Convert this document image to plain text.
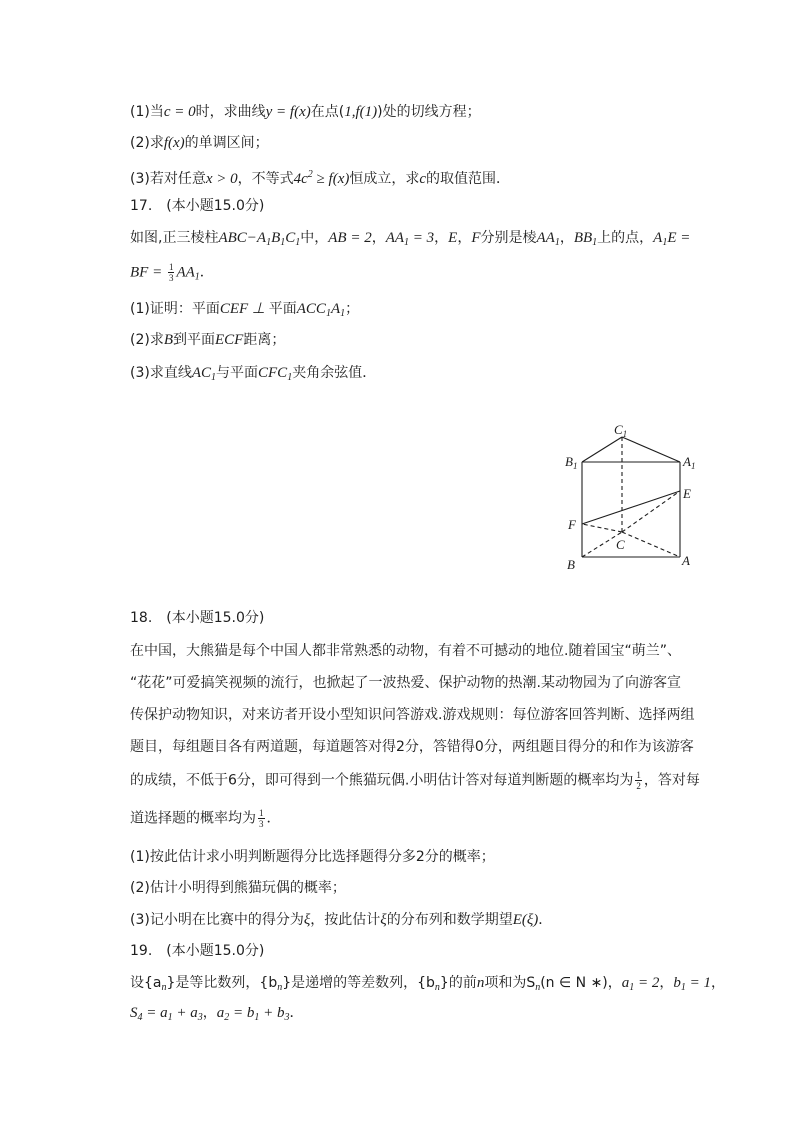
(1)当c = 0时，求曲线y = f(x)在点(1,f(1))处的切线方程；
(2)求f(x)的单调区间；
(3)若对任意x > 0，不等式$4c^2 \ge f(x)$恒成立，求c的取值范围．
17. (本小题15.0分)
如图,正三棱柱$ABC-A_1B_1C_1$中，AB = 2，$AA_1 = 3$，E，F分别是棱$AA_1$，$BB_1$上的点，$A_1E$ =
BF = $\frac{1}{3} AA_1$．
(1)证明：平面CEF ⊥ 平面$ACC_1A_1$；
(2)求B到平面ECF距离；
(3)求直线$AC_1$与平面$CFC_1$夹角余弦值．
$C_1$
$B_1$	$A_1$
E
F
C
B	A
18. (本小题15.0分)
在中国，大熊猫是每个中国人都非常熟悉的动物，有着不可撼动的地位.随着国宝“萌兰”、
“花花”可爱搞笑视频的流行，也掀起了一波热爱、保护动物的热潮.某动物园为了向游客宣
传保护动物知识，对来访者开设小型知识问答游戏.游戏规则：每位游客回答判断、选择两组
题目，每组题目各有两道题，每道题答对得2分，答错得0分，两组题目得分的和作为该游客
的成绩，不低于6分，即可得到一个熊猫玩偶.小明估计答对每道判断题的概率均为 $\frac{1}{2}$ ，答对每
道选择题的概率均为 $\frac{1}{3}$ ．
(1)按此估计求小明判断题得分比选择题得分多2分的概率；
(2)估计小明得到熊猫玩偶的概率；
(3)记小明在比赛中的得分为ξ，按此估计ξ的分布列和数学期望E(ξ)．
19. (本小题15.0分)
设$\{a_n\}$是等比数列，$\{b_n\}$是递增的等差数列，$\{b_n\}$的前n项和为$S_n(n$ ∈ N ∗)，$a_1 = 2$，$b_1 = 1$，
$S_4 = a_1 + a_3$，$a_2 = b_1 + b_3$．
